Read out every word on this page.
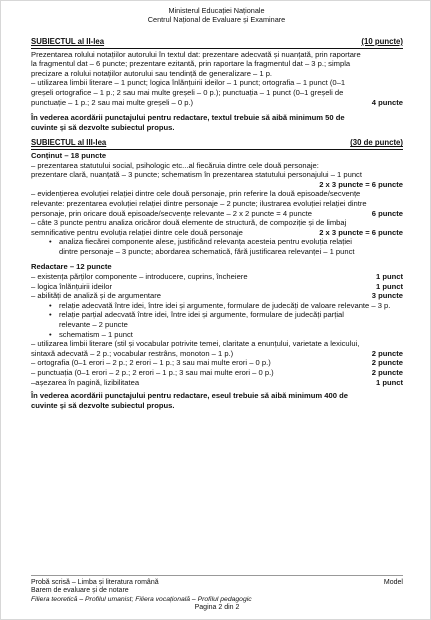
Ministerul Educației Naționale
Centrul Național de Evaluare și Examinare
SUBIECTUL al II-lea	(10 puncte)
Prezentarea rolului notațiilor autorului în textul dat: prezentare adecvată și nuanțată, prin raportare
la fragmentul dat – 6 puncte; prezentare ezitantă, prin raportare la fragmentul dat – 3 p.; simpla
precizare a rolului notațiilor autorului sau tendință de generalizare – 1 p.
– utilizarea limbii literare – 1 punct; logica înlănțuirii ideilor – 1 punct; ortografia – 1 punct (0–1
greșeli ortografice – 1 p.; 2 sau mai multe greșeli – 0 p.); punctuația – 1 punct (0–1 greșeli de
punctuație – 1 p.; 2 sau mai multe greșeli – 0 p.)	4 puncte
În vederea acordării punctajului pentru redactare, textul trebuie să aibă minimum 50 de
cuvinte și să dezvolte subiectul propus.
SUBIECTUL al III-lea	(30 de puncte)
Conținut – 18 puncte
– prezentarea statutului social, psihologic etc...al fiecăruia dintre cele două personaje:
prezentare clară, nuanțată – 3 puncte; schematism în prezentarea statutului personajului – 1 punct
2 x 3 puncte = 6 puncte
– evidențierea evoluției relației dintre cele două personaje, prin referire la două episoade/secvențe
relevante: prezentarea evoluției relației dintre personaje – 2 puncte; ilustrarea evoluției relației dintre
personaje, prin oricare două episoade/secvențe relevante – 2 x 2 puncte = 4 puncte	6 puncte
– câte 3 puncte pentru analiza oricăror două elemente de structură, de compoziție și de limbaj
semnificative pentru evoluția relației dintre cele două personaje	2 x 3 puncte = 6 puncte
• analiza fiecărei componente alese, justificând relevanța acesteia pentru evoluția relației
dintre personaje – 3 puncte; abordarea schematică, fără justificarea relevanței – 1 punct
Redactare – 12 puncte
– existența părților componente – introducere, cuprins, încheiere	1 punct
– logica înlănțuirii ideilor	1 punct
– abilități de analiză și de argumentare	3 puncte
• relație adecvată între idei, între idei și argumente, formulare de judecăți de valoare relevante – 3 p.
• relație parțial adecvată între idei, între idei și argumente, formulare de judecăți parțial
relevante – 2 puncte
• schematism – 1 punct
– utilizarea limbii literare (stil și vocabular potrivite temei, claritate a enunțului, varietate a lexicului,
sintaxă adecvată – 2 p.; vocabular restrâns, monoton – 1 p.)	2 puncte
– ortografia (0–1 erori – 2 p.; 2 erori – 1 p.; 3 sau mai multe erori – 0 p.)	2 puncte
– punctuația (0–1 erori – 2 p.; 2 erori – 1 p.; 3 sau mai multe erori – 0 p.)	2 puncte
–așezarea în pagină, lizibilitatea	1 punct
În vederea acordării punctajului pentru redactare, eseul trebuie să aibă minimum 400 de
cuvinte și să dezvolte subiectul propus.
Probă scrisă – Limba și literatura română	Model
Barem de evaluare și de notare
Filiera teoretică – Profilul umanist; Filiera vocațională – Profilul pedagogic
Pagina 2 din 2
